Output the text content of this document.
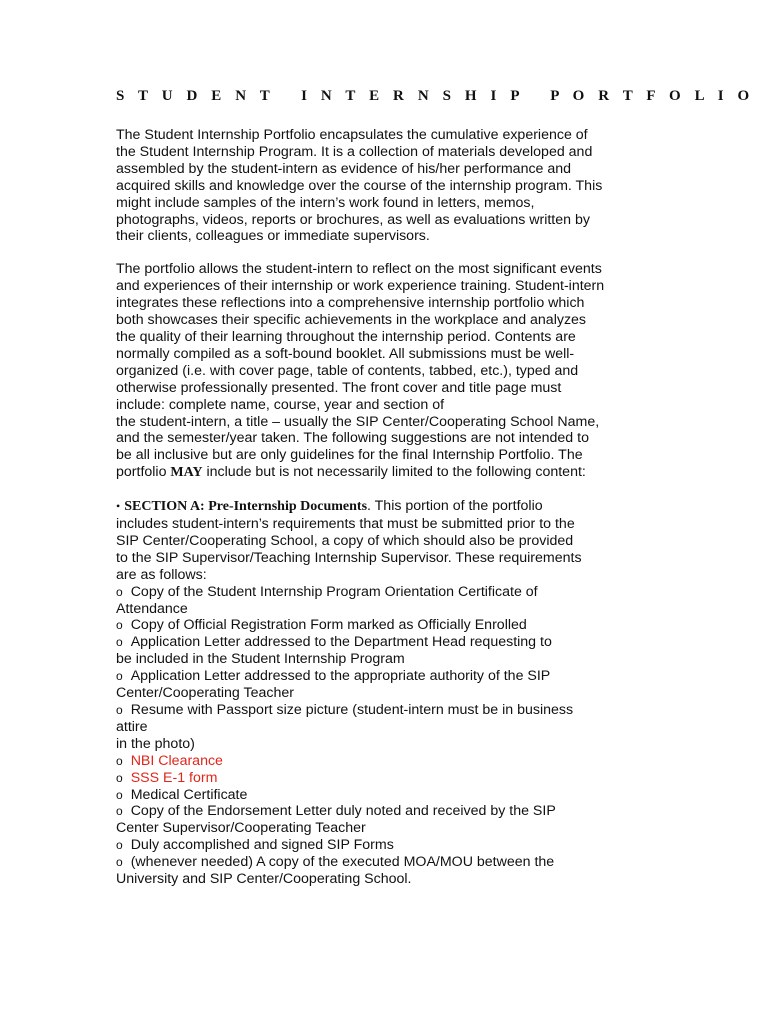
S T U D E N T   I N T E R N S H I P   P O R T F O L I O
The Student Internship Portfolio encapsulates the cumulative experience of
the Student Internship Program. It is a collection of materials developed and
assembled by the student-intern as evidence of his/her performance and
acquired skills and knowledge over the course of the internship program. This
might include samples of the intern’s work found in letters, memos,
photographs, videos, reports or brochures, as well as evaluations written by
their clients, colleagues or immediate supervisors.
The portfolio allows the student-intern to reflect on the most significant events
and experiences of their internship or work experience training. Student-intern
integrates these reflections into a comprehensive internship portfolio which
both showcases their specific achievements in the workplace and analyzes
the quality of their learning throughout the internship period. Contents are
normally compiled as a soft-bound booklet. All submissions must be well-
organized (i.e. with cover page, table of contents, tabbed, etc.), typed and
otherwise professionally presented. The front cover and title page must
include: complete name, course, year and section of
the student-intern, a title – usually the SIP Center/Cooperating School Name,
and the semester/year taken. The following suggestions are not intended to
be all inclusive but are only guidelines for the final Internship Portfolio. The
portfolio MAY include but is not necessarily limited to the following content:
• SECTION A: Pre-Internship Documents. This portion of the portfolio
includes student-intern’s requirements that must be submitted prior to the
SIP Center/Cooperating School, a copy of which should also be provided
to the SIP Supervisor/Teaching Internship Supervisor. These requirements
are as follows:
o Copy of the Student Internship Program Orientation Certificate of
Attendance
o Copy of Official Registration Form marked as Officially Enrolled
o Application Letter addressed to the Department Head requesting to
be included in the Student Internship Program
o Application Letter addressed to the appropriate authority of the SIP
Center/Cooperating Teacher
o Resume with Passport size picture (student-intern must be in business
attire
in the photo)
o NBI Clearance
o SSS E-1 form
o Medical Certificate
o Copy of the Endorsement Letter duly noted and received by the SIP
Center Supervisor/Cooperating Teacher
o Duly accomplished and signed SIP Forms
o (whenever needed) A copy of the executed MOA/MOU between the
University and SIP Center/Cooperating School.
